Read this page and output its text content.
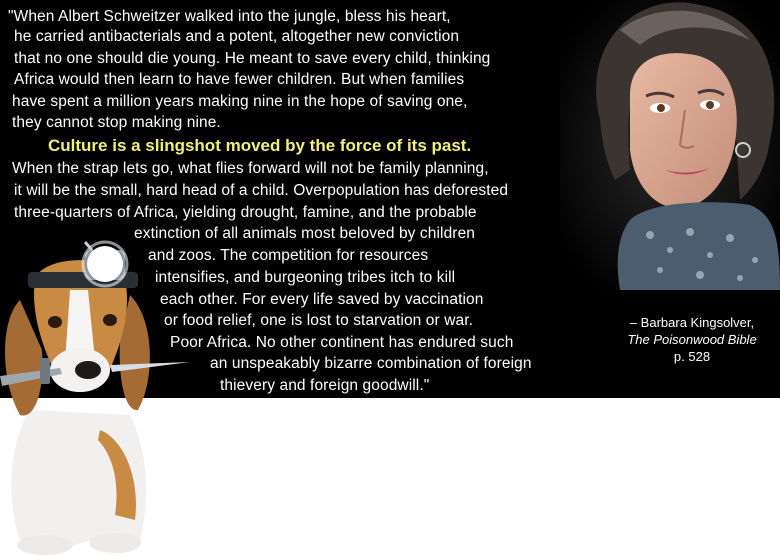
"When Albert Schweitzer walked into the jungle, bless his heart,
he carried antibacterials and a potent, altogether new conviction
that no one should die young. He meant to save every child, thinking
Africa would then learn to have fewer children. But when families
have spent a million years making nine in the hope of saving one,
they cannot stop making nine.
Culture is a slingshot moved by the force of its past.
When the strap lets go, what flies forward will not be family planning,
it will be the small, hard head of a child. Overpopulation has deforested
three-quarters of Africa, yielding drought, famine, and the probable
extinction of all animals most beloved by children
and zoos. The competition for resources
intensifies, and burgeoning tribes itch to kill
each other. For every life saved by vaccination
or food relief, one is lost to starvation or war.
Poor Africa. No other continent has endured such
an unspeakably bizarre combination of foreign
thievery and foreign goodwill."
– Barbara Kingsolver,
The Poisonwood Bible
p. 528
